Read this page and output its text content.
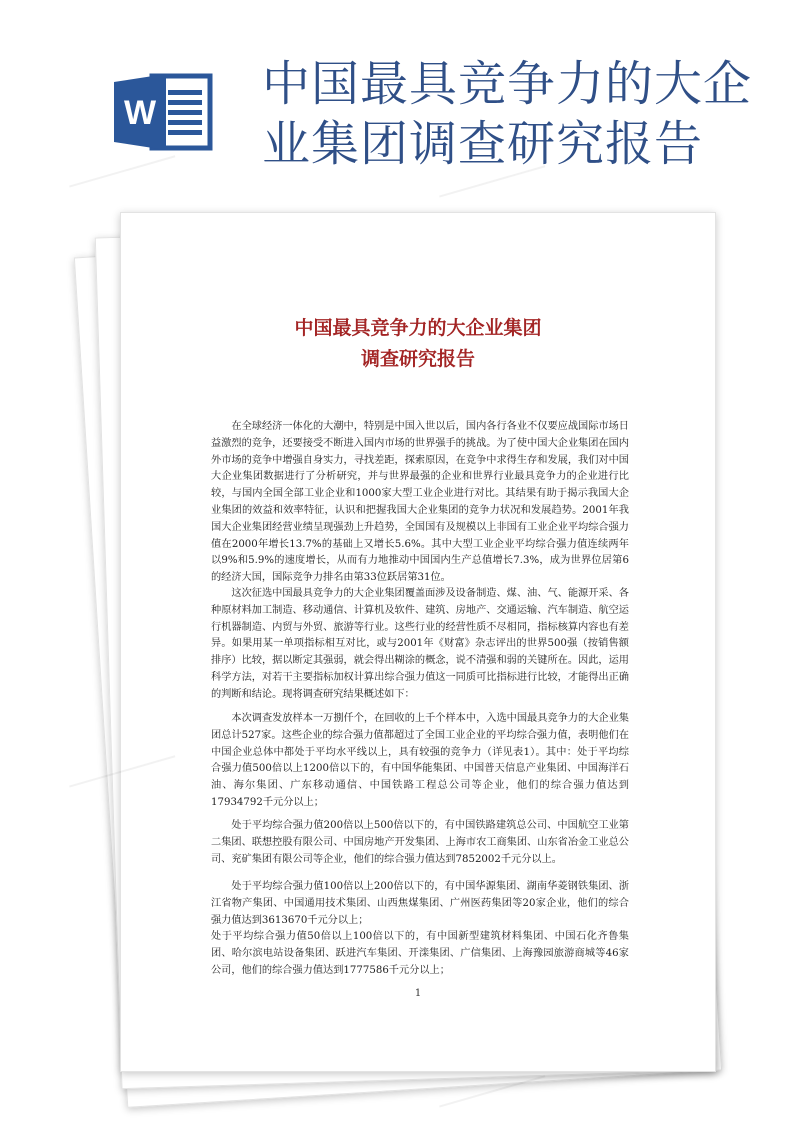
W
中国最具竞争力的大企业集团调查研究报告
中国最具竞争力的大企业集团
调查研究报告

在全球经济一体化的大潮中，特别是中国入世以后，国内各行各业不仅要应战国际市场日益激烈的竞争，还要接受不断进入国内市场的世界强手的挑战。为了使中国大企业集团在国内外市场的竞争中增强自身实力，寻找差距，探索原因，在竞争中求得生存和发展，我们对中国大企业集团数据进行了分析研究，并与世界最强的企业和世界行业最具竞争力的企业进行比较，与国内全国全部工业企业和1000家大型工业企业进行对比。其结果有助于揭示我国大企业集团的效益和效率特征，认识和把握我国大企业集团的竞争力状况和发展趋势。2001年我国大企业集团经营业绩呈现强劲上升趋势，全国国有及规模以上非国有工业企业平均综合强力值在2000年增长13.7%的基础上又增长5.6%。其中大型工业企业平均综合强力值连续两年以9%和5.9%的速度增长，从而有力地推动中国国内生产总值增长7.3%，成为世界位居第6的经济大国，国际竞争力排名由第33位跃居第31位。

这次征选中国最具竞争力的大企业集团覆盖面涉及设备制造、煤、油、气、能源开采、各种原材料加工制造、移动通信、计算机及软件、建筑、房地产、交通运输、汽车制造、航空运行机器制造、内贸与外贸、旅游等行业。这些行业的经营性质不尽相同，指标核算内容也有差异。如果用某一单项指标相互对比，或与2001年《财富》杂志评出的世界500强（按销售额排序）比较，据以断定其强弱，就会得出糊涂的概念，说不清强和弱的关键所在。因此，运用科学方法，对若干主要指标加权计算出综合强力值这一同质可比指标进行比较，才能得出正确的判断和结论。现将调查研究结果概述如下：

本次调查发放样本一万捌仟个，在回收的上千个样本中，入选中国最具竞争力的大企业集团总计527家。这些企业的综合强力值都超过了全国工业企业的平均综合强力值，表明他们在中国企业总体中都处于平均水平线以上，具有较强的竞争力（详见表1）。其中：处于平均综合强力值500倍以上1200倍以下的，有中国华能集团、中国普天信息产业集团、中国海洋石油、海尔集团、广东移动通信、中国铁路工程总公司等企业，他们的综合强力值达到17934792千元分以上；

处于平均综合强力值200倍以上500倍以下的，有中国铁路建筑总公司、中国航空工业第二集团、联想控股有限公司、中国房地产开发集团、上海市农工商集团、山东省冶金工业总公司、兖矿集团有限公司等企业，他们的综合强力值达到7852002千元分以上。

处于平均综合强力值100倍以上200倍以下的，有中国华源集团、湖南华菱钢铁集团、浙江省物产集团、中国通用技术集团、山西焦煤集团、广州医药集团等20家企业，他们的综合强力值达到3613670千元分以上；

处于平均综合强力值50倍以上100倍以下的，有中国新型建筑材料集团、中国石化齐鲁集团、哈尔滨电站设备集团、跃进汽车集团、开滦集团、广信集团、上海豫园旅游商城等46家公司，他们的综合强力值达到1777586千元分以上；

1
